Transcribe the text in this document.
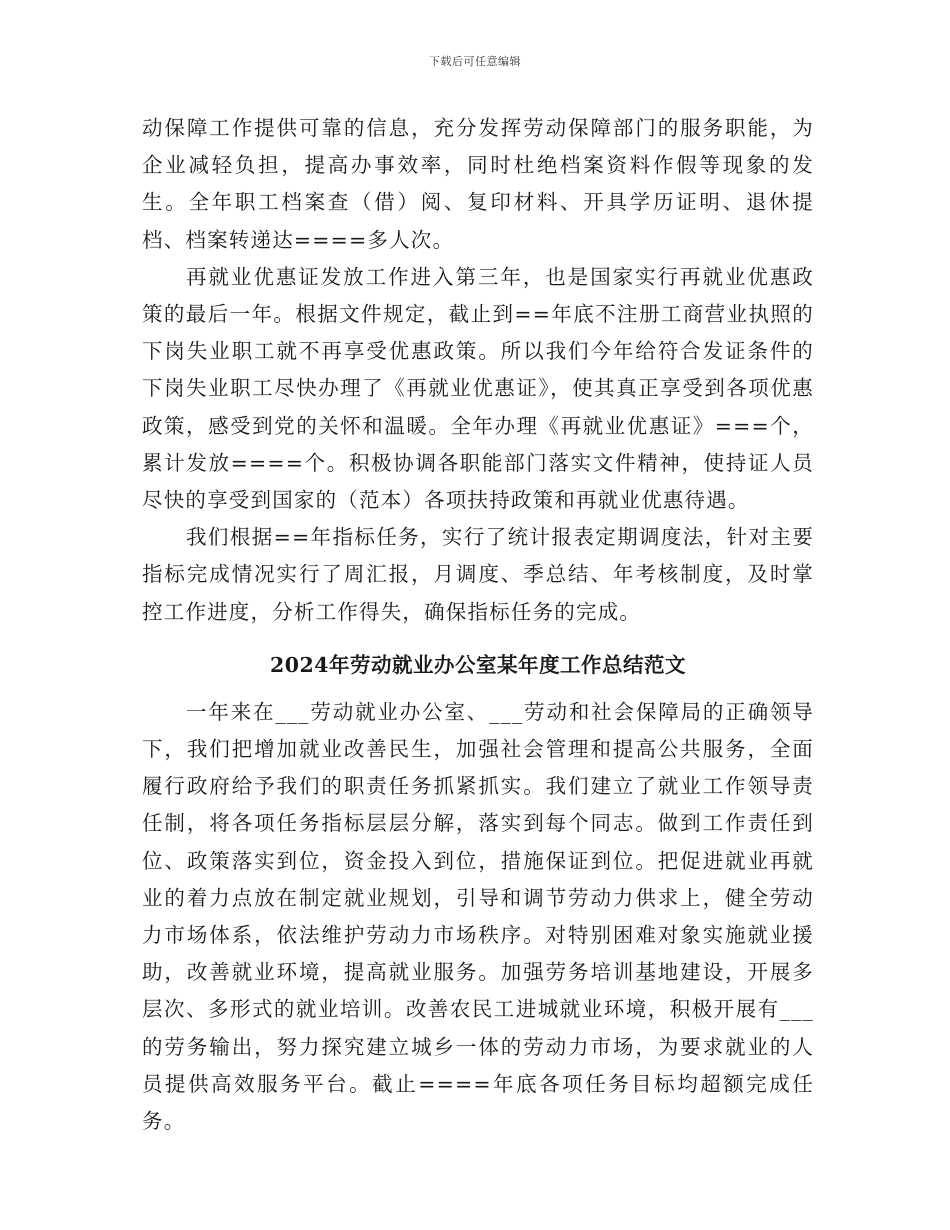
下载后可任意编辑

动保障工作提供可靠的信息，充分发挥劳动保障部门的服务职能，为企业减轻负担，提高办事效率，同时杜绝档案资料作假等现象的发生。全年职工档案查（借）阅、复印材料、开具学历证明、退休提档、档案转递达====多人次。

再就业优惠证发放工作进入第三年，也是国家实行再就业优惠政策的最后一年。根据文件规定，截止到==年底不注册工商营业执照的下岗失业职工就不再享受优惠政策。所以我们今年给符合发证条件的下岗失业职工尽快办理了《再就业优惠证》，使其真正享受到各项优惠政策，感受到党的关怀和温暖。全年办理《再就业优惠证》===个，累计发放====个。积极协调各职能部门落实文件精神，使持证人员尽快的享受到国家的（范本）各项扶持政策和再就业优惠待遇。

我们根据==年指标任务，实行了统计报表定期调度法，针对主要指标完成情况实行了周汇报，月调度、季总结、年考核制度，及时掌控工作进度，分析工作得失，确保指标任务的完成。

2024年劳动就业办公室某年度工作总结范文

一年来在___劳动就业办公室、___劳动和社会保障局的正确领导下，我们把增加就业改善民生，加强社会管理和提高公共服务，全面履行政府给予我们的职责任务抓紧抓实。我们建立了就业工作领导责任制，将各项任务指标层层分解，落实到每个同志。做到工作责任到位、政策落实到位，资金投入到位，措施保证到位。把促进就业再就业的着力点放在制定就业规划，引导和调节劳动力供求上，健全劳动力市场体系，依法维护劳动力市场秩序。对特别困难对象实施就业援助，改善就业环境，提高就业服务。加强劳务培训基地建设，开展多层次、多形式的就业培训。改善农民工进城就业环境，积极开展有___的劳务输出，努力探究建立城乡一体的劳动力市场，为要求就业的人员提供高效服务平台。截止====年底各项任务目标均超额完成任务。
